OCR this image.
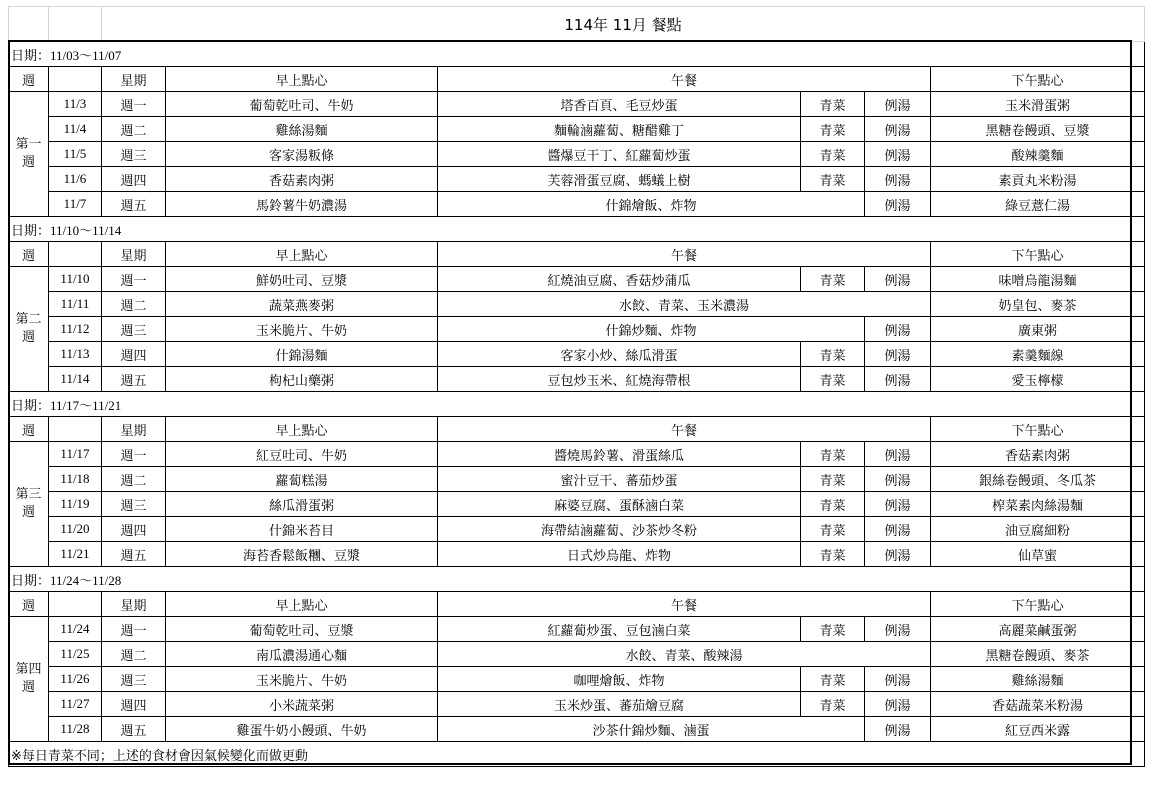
		114年 11月 餐點					
日期：11/03～11/07							
週		星期	早上點心	午餐			下午點心

第一週	11/3	週一	葡萄乾吐司、牛奶	塔香百頁、毛豆炒蛋	青菜	例湯	玉米滑蛋粥
	11/4	週二	雞絲湯麵	麵輪滷蘿蔔、糖醋雞丁	青菜	例湯	黑糖卷饅頭、豆漿
	11/5	週三	客家湯粄條	醬爆豆干丁、紅蘿蔔炒蛋	青菜	例湯	酸辣羹麵
	11/6	週四	香菇素肉粥	芙蓉滑蛋豆腐、螞蟻上樹	青菜	例湯	素貢丸米粉湯
	11/7	週五	馬鈴薯牛奶濃湯	什錦燴飯、炸物		例湯	綠豆薏仁湯
日期：11/10～11/14							
週		星期	早上點心	午餐			下午點心

第二週	11/10	週一	鮮奶吐司、豆漿	紅燒油豆腐、香菇炒蒲瓜	青菜	例湯	味噌烏龍湯麵
	11/11	週二	蔬菜燕麥粥	水餃、青菜、玉米濃湯			奶皇包、麥茶
	11/12	週三	玉米脆片、牛奶	什錦炒麵、炸物		例湯	廣東粥
	11/13	週四	什錦湯麵	客家小炒、絲瓜滑蛋	青菜	例湯	素羹麵線
	11/14	週五	枸杞山藥粥	豆包炒玉米、紅燒海帶根	青菜	例湯	愛玉檸檬
日期：11/17～11/21							
週		星期	早上點心	午餐			下午點心

第三週	11/17	週一	紅豆吐司、牛奶	醬燒馬鈴薯、滑蛋絲瓜	青菜	例湯	香菇素肉粥
	11/18	週二	蘿蔔糕湯	蜜汁豆干、蕃茄炒蛋	青菜	例湯	銀絲卷饅頭、冬瓜茶
	11/19	週三	絲瓜滑蛋粥	麻婆豆腐、蛋酥滷白菜	青菜	例湯	榨菜素肉絲湯麵
	11/20	週四	什錦米苔目	海帶結滷蘿蔔、沙茶炒冬粉	青菜	例湯	油豆腐細粉
	11/21	週五	海苔香鬆飯糰、豆漿	日式炒烏龍、炸物	青菜	例湯	仙草蜜
日期：11/24～11/28							
週		星期	早上點心	午餐			下午點心

第四週	11/24	週一	葡萄乾吐司、豆漿	紅蘿蔔炒蛋、豆包滷白菜	青菜	例湯	高麗菜鹹蛋粥
	11/25	週二	南瓜濃湯通心麵	水餃、青菜、酸辣湯			黑糖卷饅頭、麥茶
	11/26	週三	玉米脆片、牛奶	咖哩燴飯、炸物	青菜	例湯	雞絲湯麵
	11/27	週四	小米蔬菜粥	玉米炒蛋、蕃茄燴豆腐	青菜	例湯	香菇蔬菜米粉湯
	11/28	週五	雞蛋牛奶小饅頭、牛奶	沙茶什錦炒麵、滷蛋		例湯	紅豆西米露
※每日青菜不同；上述的食材會因氣候變化而做更動							
